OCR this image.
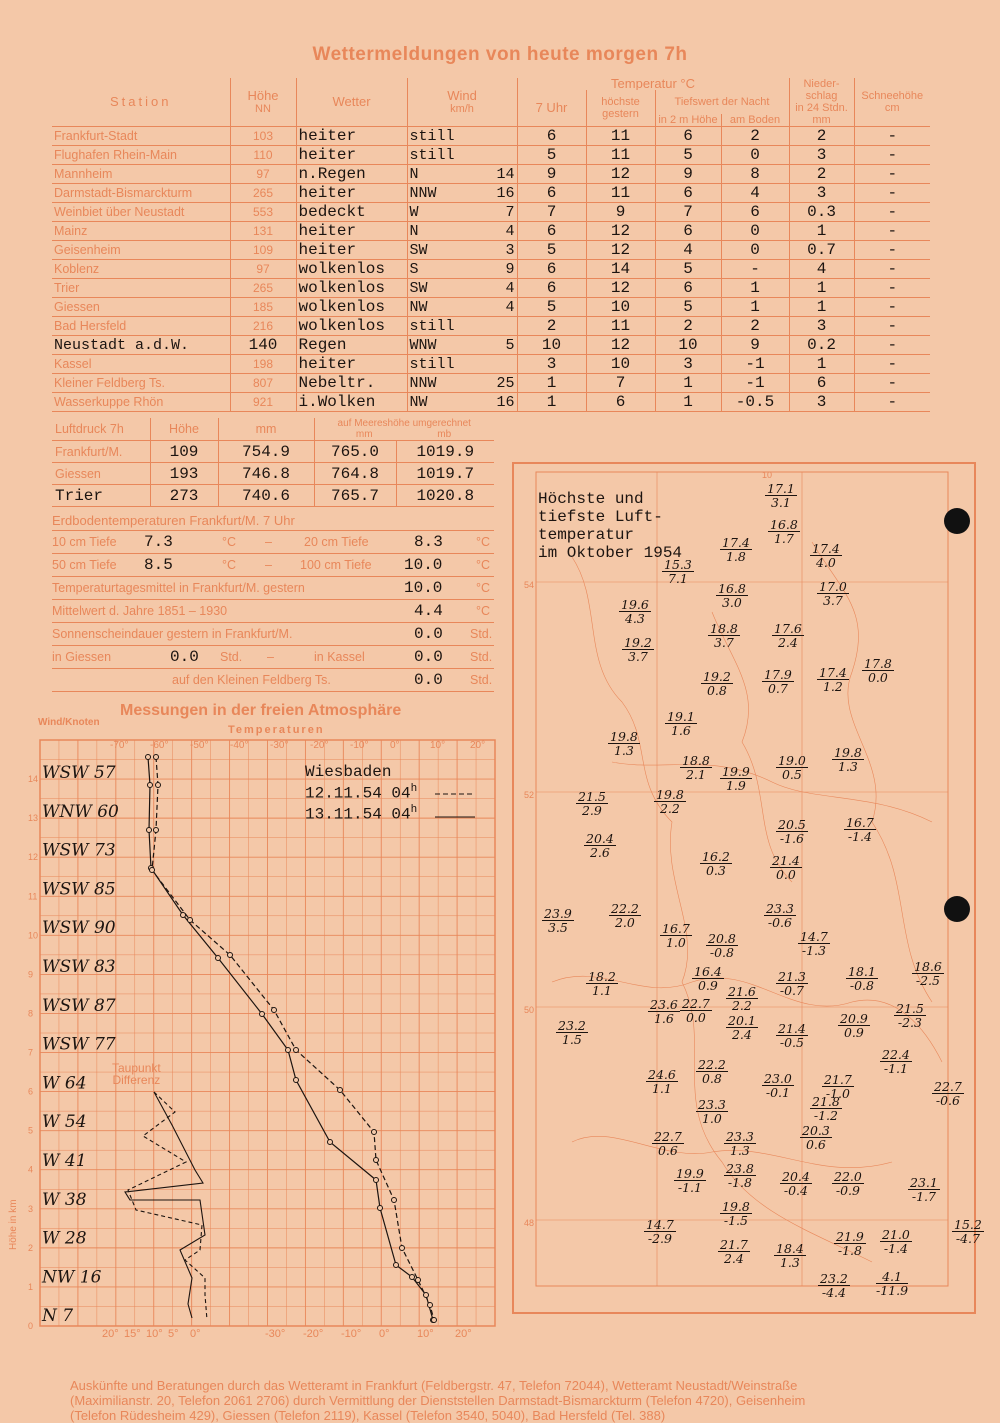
Wettermeldungen von heute morgen 7h
Station	Höhe
NN	Wetter	Wind
km/h	Temperatur °C				Nieder-
schlag
in 24 Stdn.
mm	Schneehöhe
cm
				7 Uhr	höchste
gestern	Tiefswert der Nacht			
						in 2 m Höhe	am Boden		
Frankfurt-Stadt	103	heiter	still	6	11	6	2	2	-
Flughafen Rhein-Main	110	heiter	still	5	11	5	0	3	-
Mannheim	97	n.Regen	N 14	9	12	9	8	2	-
Darmstadt-Bismarckturm	265	heiter	NNW 16	6	11	6	4	3	-
Weinbiet über Neustadt	553	bedeckt	W 7	7	9	7	6	0.3	-
Mainz	131	heiter	N 4	6	12	6	0	1	-
Geisenheim	109	heiter	SW 3	5	12	4	0	0.7	-
Koblenz	97	wolkenlos	S 9	6	14	5	-	4	-
Trier	265	wolkenlos	SW 4	6	12	6	1	1	-
Giessen	185	wolkenlos	NW 4	5	10	5	1	1	-
Bad Hersfeld	216	wolkenlos	still	2	11	2	2	3	-
Neustadt a.d.W.	140	Regen	WNW 5	10	12	10	9	0.2	-
Kassel	198	heiter	still	3	10	3	-1	1	-
Kleiner Feldberg Ts.	807	Nebeltr.	NNW 25	1	7	1	-1	6	-
Wasserkuppe Rhön	921	i.Wolken	NW 16	1	6	1	-0.5	3	-
Luftdruck 7h	Höhe	mm	auf Meereshöhe umgerechnet
mm mb	
Frankfurt/M.	109	754.9	765.0	1019.9
Giessen	193	746.8	764.8	1019.7
Trier	273	740.6	765.7	1020.8
Erdbodentemperaturen Frankfurt/M. 7 Uhr
10 cm Tiefe 7.3	°C –	20 cm Tiefe	8.3	°C
50 cm Tiefe 8.5	°C – 100 cm Tiefe 10.0	°C
Temperaturtagesmittel in Frankfurt/M. gestern	10.0	°C
Mittelwert d. Jahre 1851 – 1930	4.4	°C
Sonnenscheindauer gestern in Frankfurt/M.	0.0 Std.
in Giessen	0.0 Std. –	in Kassel	0.0 Std.
auf den Kleinen Feldberg Ts.	0.0 Std.
Messungen in der freien Atmosphäre
Wind/Knoten
Temperaturen
0
1
2
3
4
5
6
7
8
9
10
11
12
13
14
-70° -60° -50° -40° -30° -20° -10° 0°	10° 20°
20° 15° 10° 5° 0°	-30° -20° -10° 0° 10° 20°
WSW 57
WNW 60
WSW 73
WSW 85
WSW 90
WSW 83
WSW 87
WSW 77
W 64
W 54
W 41
W 38
W 28
NW 16
N 7
Wiesbaden
12.11.54 04$^h$
13.11.54 04$^h$
Taupunkt
Differenz
Höhe in km
10
54
52
50
48
Höchste und
tiefste Luft-
temperatur
im Oktober 1954
17.1
3.1
16.8
1.7
17.4
1.8
17.4
4.0
15.3
7.1
16.8
3.0
17.0
3.7
19.6
4.3
18.8
3.7
17.6
2.4
19.2
3.7
19.2
0.8
17.9
0.7
17.4
1.2
17.8
0.0
19.1
1.6
19.8
1.3
18.8
2.1	19.9
1.9
19.0
0.5
19.8
1.3
21.5
2.9
19.8
2.2
20.5
-1.6
16.7
-1.4
20.4
2.6	16.2
0.3
21.4
0.0
23.9
3.5
22.2
2.0
23.3
-0.6
16.7
1.0	20.8
-0.8
14.7
-1.3
18.2
1.1
16.4
0.9 21.6
2.2
21.3
-0.7
18.1
-0.8
18.6
-2.5
23.6
1.6
22.7
0.0	20.1
2.4
21.5
-2.3
23.2
1.5
21.4
-0.5
20.9
0.9
22.4
-1.1
22.2
0.8
24.6
1.1
23.0
-0.1
21.7
-1.0	22.7
-0.6
23.3
1.0
21.8
-1.2
22.7
0.6
23.3
1.3
20.3
0.6
19.9
-1.1
23.8
-1.8	20.4
-0.4
22.0
-0.9
23.1
-1.7
19.8
-1.5
14.7
-2.9	21.7
2.4
18.4
1.3
21.9
-1.8
21.0
-1.4
15.2
-4.7
23.2
-4.4
4.1
-11.9
Auskünfte und Beratungen durch das Wetteramt in Frankfurt (Feldbergstr. 47, Telefon 72044), Wetteramt Neustadt/Weinstraße
(Maximilianstr. 20, Telefon 2061 2706) durch Vermittlung der Dienststellen Darmstadt-Bismarckturm (Telefon 4720), Geisenheim
(Telefon Rüdesheim 429), Giessen (Telefon 2119), Kassel (Telefon 3540, 5040), Bad Hersfeld (Tel. 388)
